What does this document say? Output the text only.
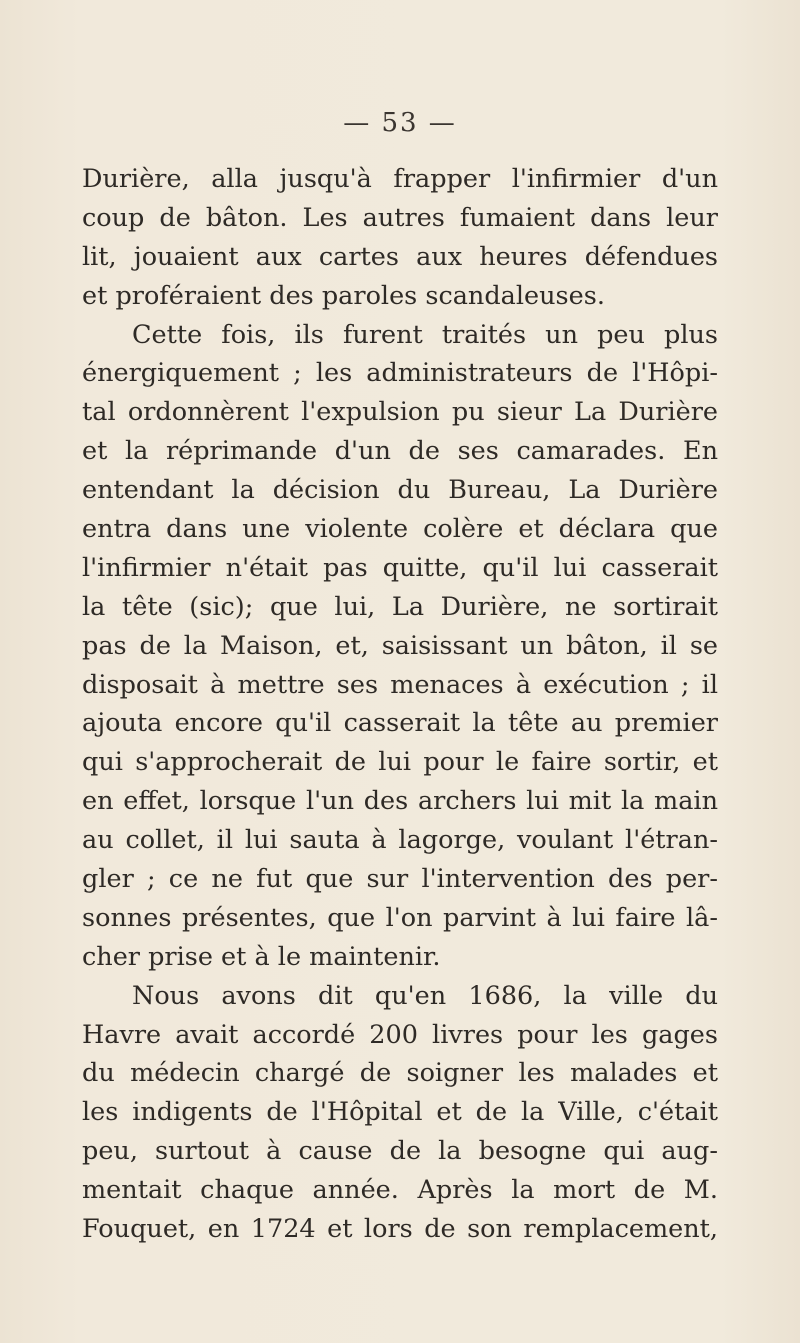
— 53 —
Durière, alla jusqu'à frapper l'infirmier d'un
coup de bâton. Les autres fumaient dans leur
lit, jouaient aux cartes aux heures défendues
et proféraient des paroles scandaleuses.
Cette fois, ils furent traités un peu plus
énergiquement ; les administrateurs de l'Hôpi-
tal ordonnèrent l'expulsion pu sieur La Durière
et la réprimande d'un de ses camarades. En
entendant la décision du Bureau, La Durière
entra dans une violente colère et déclara que
l'infirmier n'était pas quitte, qu'il lui casserait
la tête (sic); que lui, La Durière, ne sortirait
pas de la Maison, et, saisissant un bâton, il se
disposait à mettre ses menaces à exécution ; il
ajouta encore qu'il casserait la tête au premier
qui s'approcherait de lui pour le faire sortir, et
en effet, lorsque l'un des archers lui mit la main
au collet, il lui sauta à lagorge, voulant l'étran-
gler ; ce ne fut que sur l'intervention des per-
sonnes présentes, que l'on parvint à lui faire lâ-
cher prise et à le maintenir.
Nous avons dit qu'en 1686, la ville du
Havre avait accordé 200 livres pour les gages
du médecin chargé de soigner les malades et
les indigents de l'Hôpital et de la Ville, c'était
peu, surtout à cause de la besogne qui aug-
mentait chaque année. Après la mort de M.
Fouquet, en 1724 et lors de son remplacement,
